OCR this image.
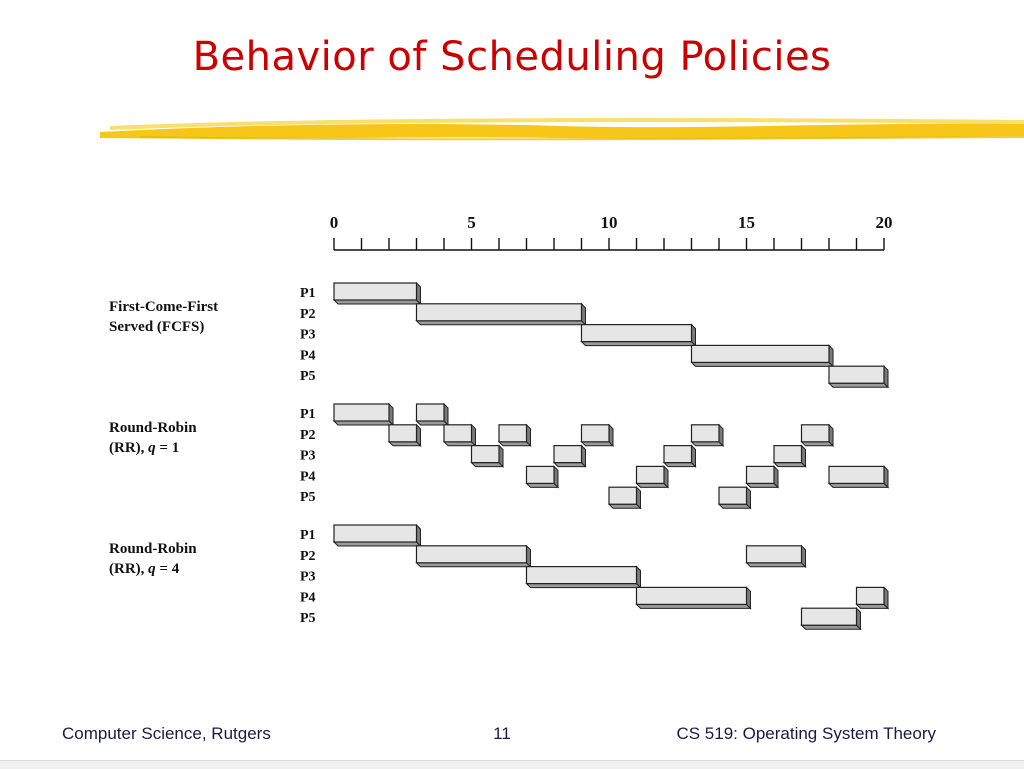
Behavior of Scheduling Policies
0	5	10	15	20
First-Come-First
Served (FCFS)
P1
P2
P3
P4
P5
Round-Robin
(RR), q = 1
P1
P2
P3
P4
P5
Round-Robin
(RR), q = 4
P1
P2
P3
P4
P5
Computer Science, Rutgers	11	CS 519: Operating System Theory
